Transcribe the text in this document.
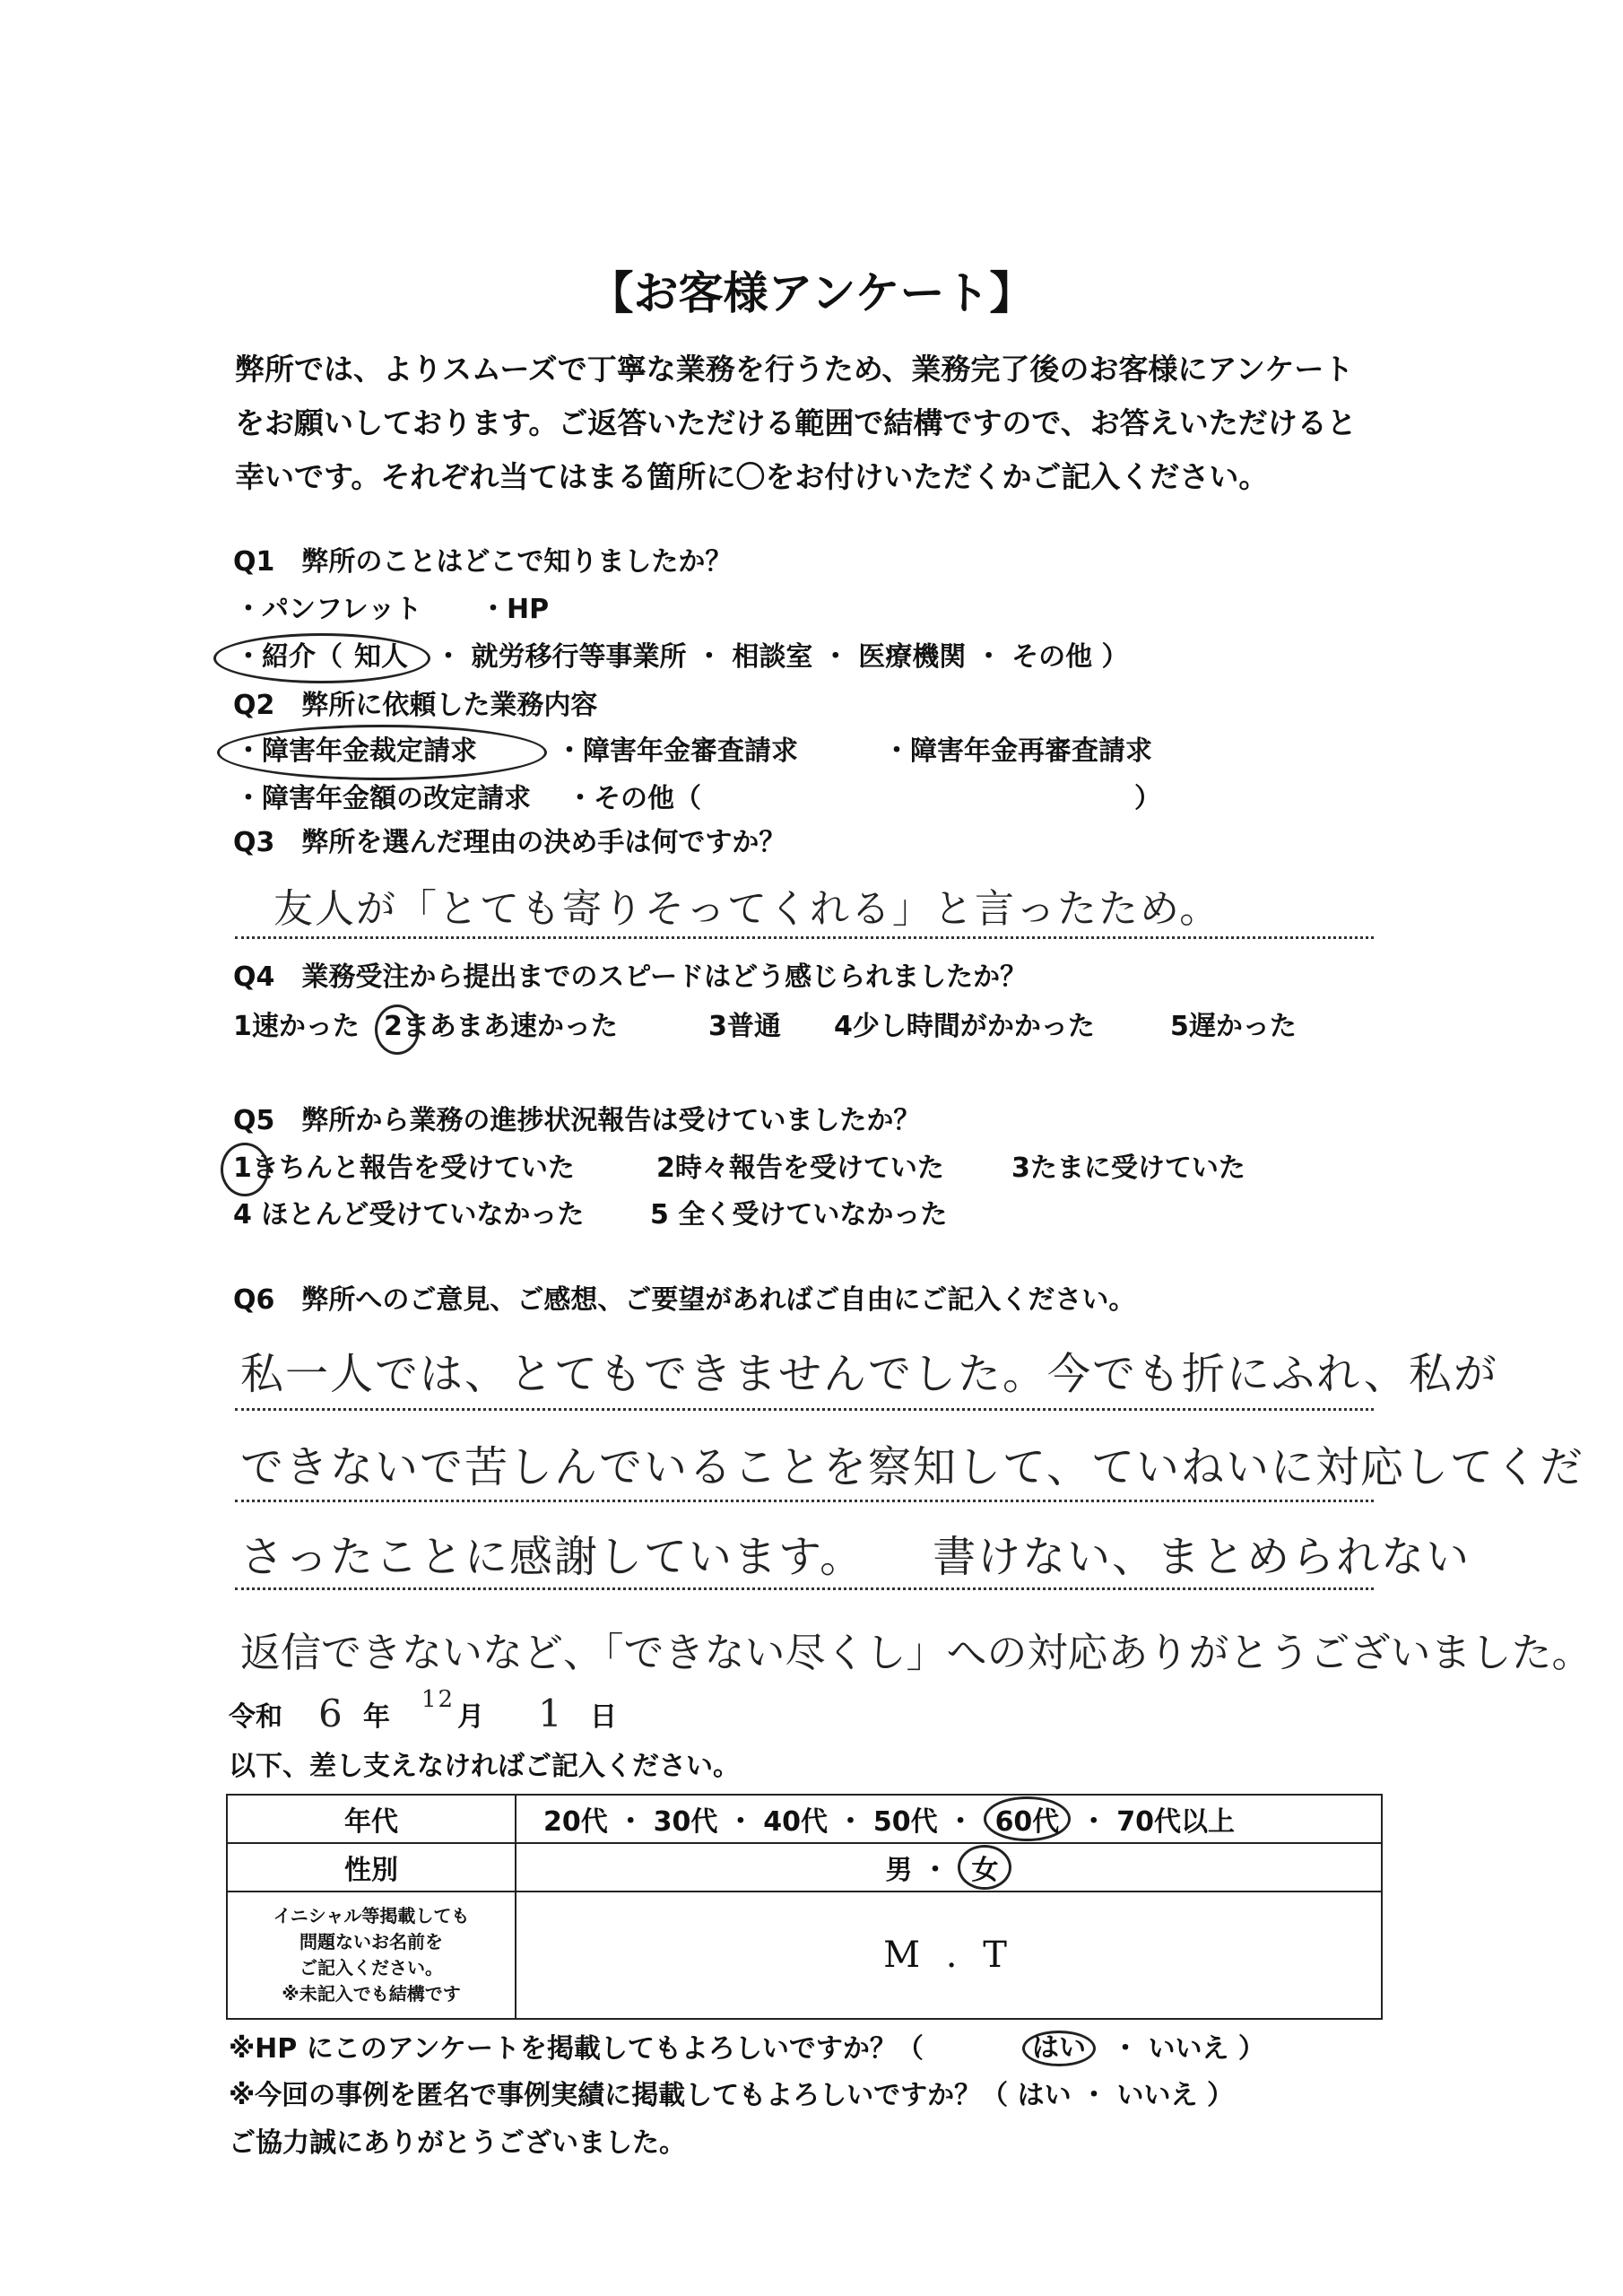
【お客様アンケート】
弊所では、よりスムーズで丁寧な業務を行うため、業務完了後のお客様にアンケート
をお願いしております。ご返答いただける範囲で結構ですので、お答えいただけると
幸いです。それぞれ当てはまる箇所に〇をお付けいただくかご記入ください。
Q1　弊所のことはどこで知りましたか？
・パンフレット ・HP
・紹介（ 知人 ・ 就労移行等事業所 ・ 相談室 ・ 医療機関 ・ その他 ）
Q2　弊所に依頼した業務内容
・障害年金裁定請求	・障害年金審査請求	・障害年金再審査請求
・障害年金額の改定請求 ・その他（	）
Q3　弊所を選んだ理由の決め手は何ですか？
友人が「とても寄りそってくれる」と言ったため。
Q4　業務受注から提出までのスピードはどう感じられましたか？
1速かった 2まあまあ速かった	3普通 4少し時間がかかった	5遅かった
Q5　弊所から業務の進捗状況報告は受けていましたか？
1きちんと報告を受けていた	2時々報告を受けていた	3たまに受けていた
4 ほとんど受けていなかった 5 全く受けていなかった
Q6　弊所へのご意見、ご感想、ご要望があればご自由にご記入ください。
私一人では、とてもできませんでした。今でも折にふれ、私が
できないで苦しんでいることを察知して、ていねいに対応してくだ
さったことに感謝しています。　　書けない、まとめられない
返信できないなど、「できない尽くし」への対応ありがとうございました。
令和 6 年
12
月 1 日
以下、差し支えなければご記入ください。
年代	20代 ・ 30代 ・ 40代 ・ 50代 ・ 60代 ・ 70代以上
性別	男 ・ 女

イニシャル等掲載しても
問題ないお名前を
ご記入ください。
※未記入でも結構です	M . T
※HP にこのアンケートを掲載してもよろしいですか？（	はい ・ いいえ ）
※今回の事例を匿名で事例実績に掲載してもよろしいですか？（ はい ・ いいえ ）
ご協力誠にありがとうございました。
